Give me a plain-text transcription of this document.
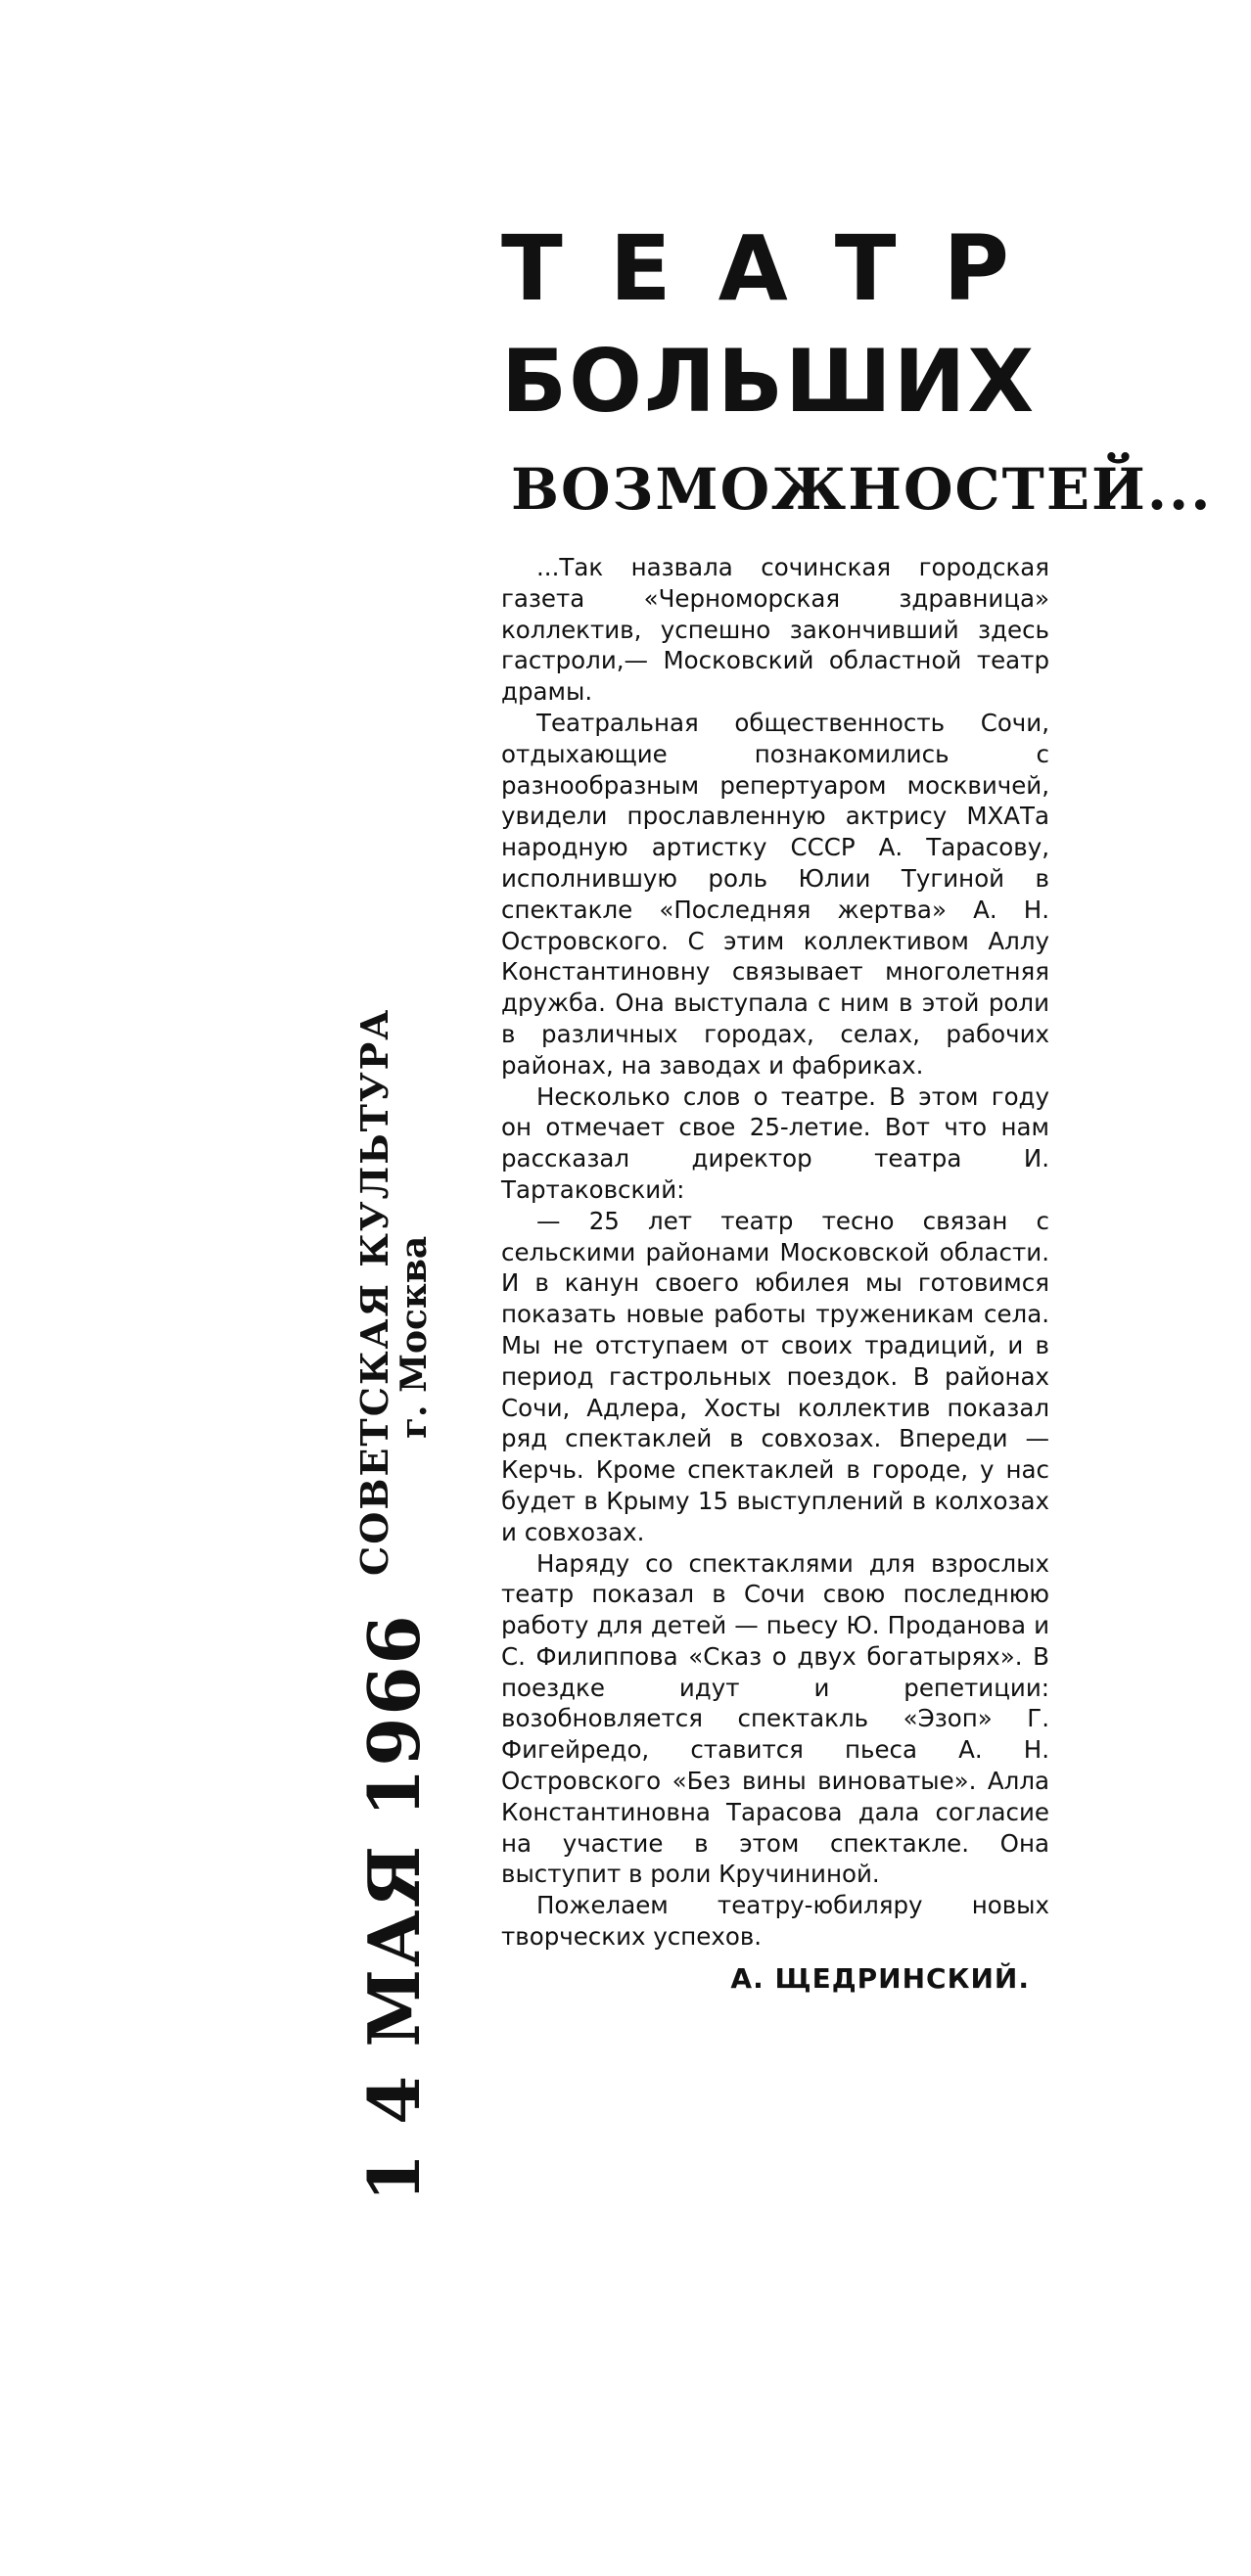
СОВЕТСКАЯ КУЛЬТУРА
г. Москва
1 4 МАЯ 1966
ТЕАТР
БОЛЬШИХ
ВОЗМОЖНОСТЕЙ...

...Так назвала сочинская городская газета «Черноморская здравница» коллектив, успешно закончивший здесь гастроли,— Московский областной театр драмы.

Театральная общественность Сочи, отдыхающие познакомились с разнообразным репертуаром москвичей, увидели прославленную актрису МХАТа народную артистку СССР А. Тарасову, исполнившую роль Юлии Тугиной в спектакле «Последняя жертва» А. Н. Островского. С этим коллективом Аллу Константиновну связывает многолетняя дружба. Она выступала с ним в этой роли в различных городах, селах, рабочих районах, на заводах и фабриках.

Несколько слов о театре. В этом году он отмечает свое 25-летие. Вот что нам рассказал директор театра И. Тартаковский:

— 25 лет театр тесно связан с сельскими районами Московской области. И в канун своего юбилея мы готовимся показать новые работы труженикам села. Мы не отступаем от своих традиций, и в период гастрольных поездок. В районах Сочи, Адлера, Хосты коллектив показал ряд спектаклей в совхозах. Впереди — Керчь. Кроме спектаклей в городе, у нас будет в Крыму 15 выступлений в колхозах и совхозах.

Наряду со спектаклями для взрослых театр показал в Сочи свою последнюю работу для детей — пьесу Ю. Проданова и С. Филиппова «Сказ о двух богатырях». В поездке идут и репетиции: возобновляется спектакль «Эзоп» Г. Фигейредо, ставится пьеса А. Н. Островского «Без вины виноватые». Алла Константиновна Тарасова дала согласие на участие в этом спектакле. Она выступит в роли Кручининой.

Пожелаем театру-юбиляру новых творческих успехов.

А. ЩЕДРИНСКИЙ.
